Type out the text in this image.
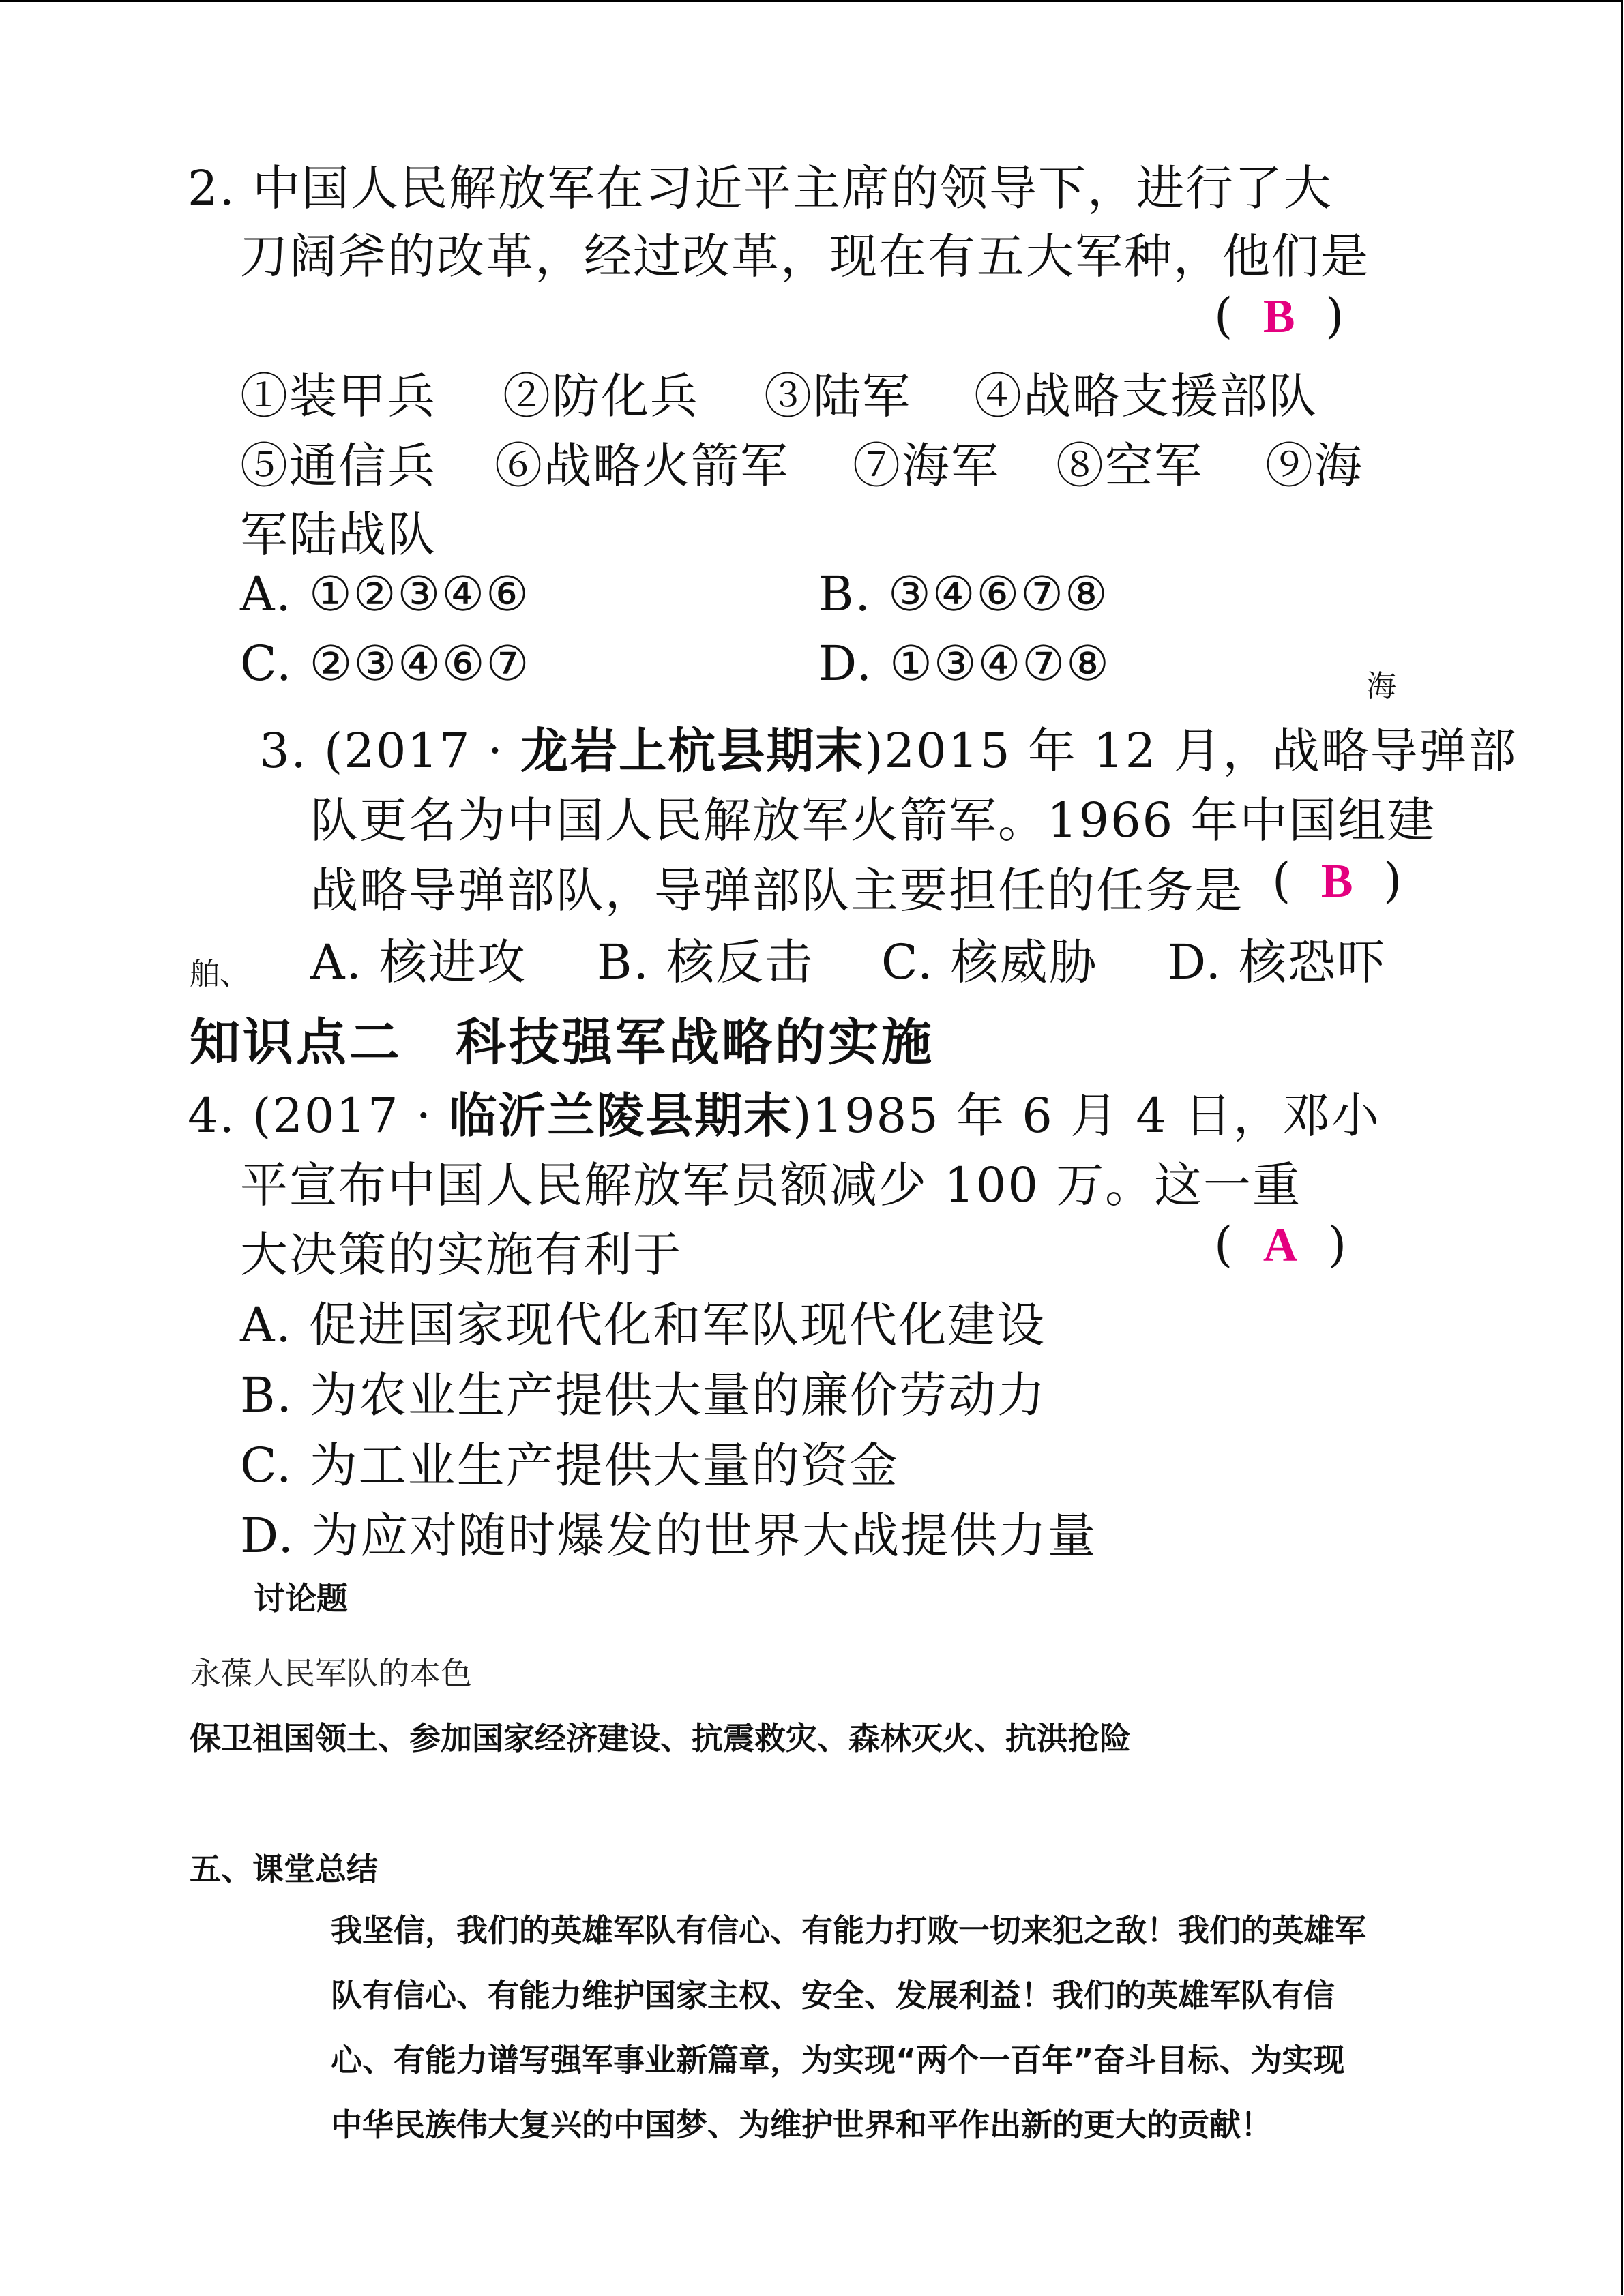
2. 中国人民解放军在习近平主席的领导下，进行了大
刀阔斧的改革，经过改革，现在有五大军种，他们是
(  B  )
①装甲兵 ②防化兵 ③陆军 ④战略支援部队
⑤通信兵 ⑥战略火箭军 ⑦海军 ⑧空军 ⑨海
军陆战队
A. ①②③④⑥	B. ③④⑥⑦⑧
C. ②③④⑥⑦	D. ①③④⑦⑧	海
3. (2017 · 龙岩上杭县期末)2015 年 12 月，战略导弹部
队更名为中国人民解放军火箭军。1966 年中国组建
战略导弹部队，导弹部队主要担任的任务是 (  B  )
舶、 A. 核进攻 B. 核反击 C. 核威胁 D. 核恐吓
知识点二　科技强军战略的实施
4. (2017 · 临沂兰陵县期末)1985 年 6 月 4 日，邓小
平宣布中国人民解放军员额减少 100 万。这一重
大决策的实施有利于	(  A  )
A. 促进国家现代化和军队现代化建设
B. 为农业生产提供大量的廉价劳动力
C. 为工业生产提供大量的资金
D. 为应对随时爆发的世界大战提供力量
讨论题
永葆人民军队的本色
保卫祖国领土、参加国家经济建设、抗震救灾、森林灭火、抗洪抢险
五、课堂总结
我坚信，我们的英雄军队有信心、有能力打败一切来犯之敌！我们的英雄军
队有信心、有能力维护国家主权、安全、发展利益！我们的英雄军队有信
心、有能力谱写强军事业新篇章，为实现“两个一百年”奋斗目标、为实现
中华民族伟大复兴的中国梦、为维护世界和平作出新的更大的贡献！
